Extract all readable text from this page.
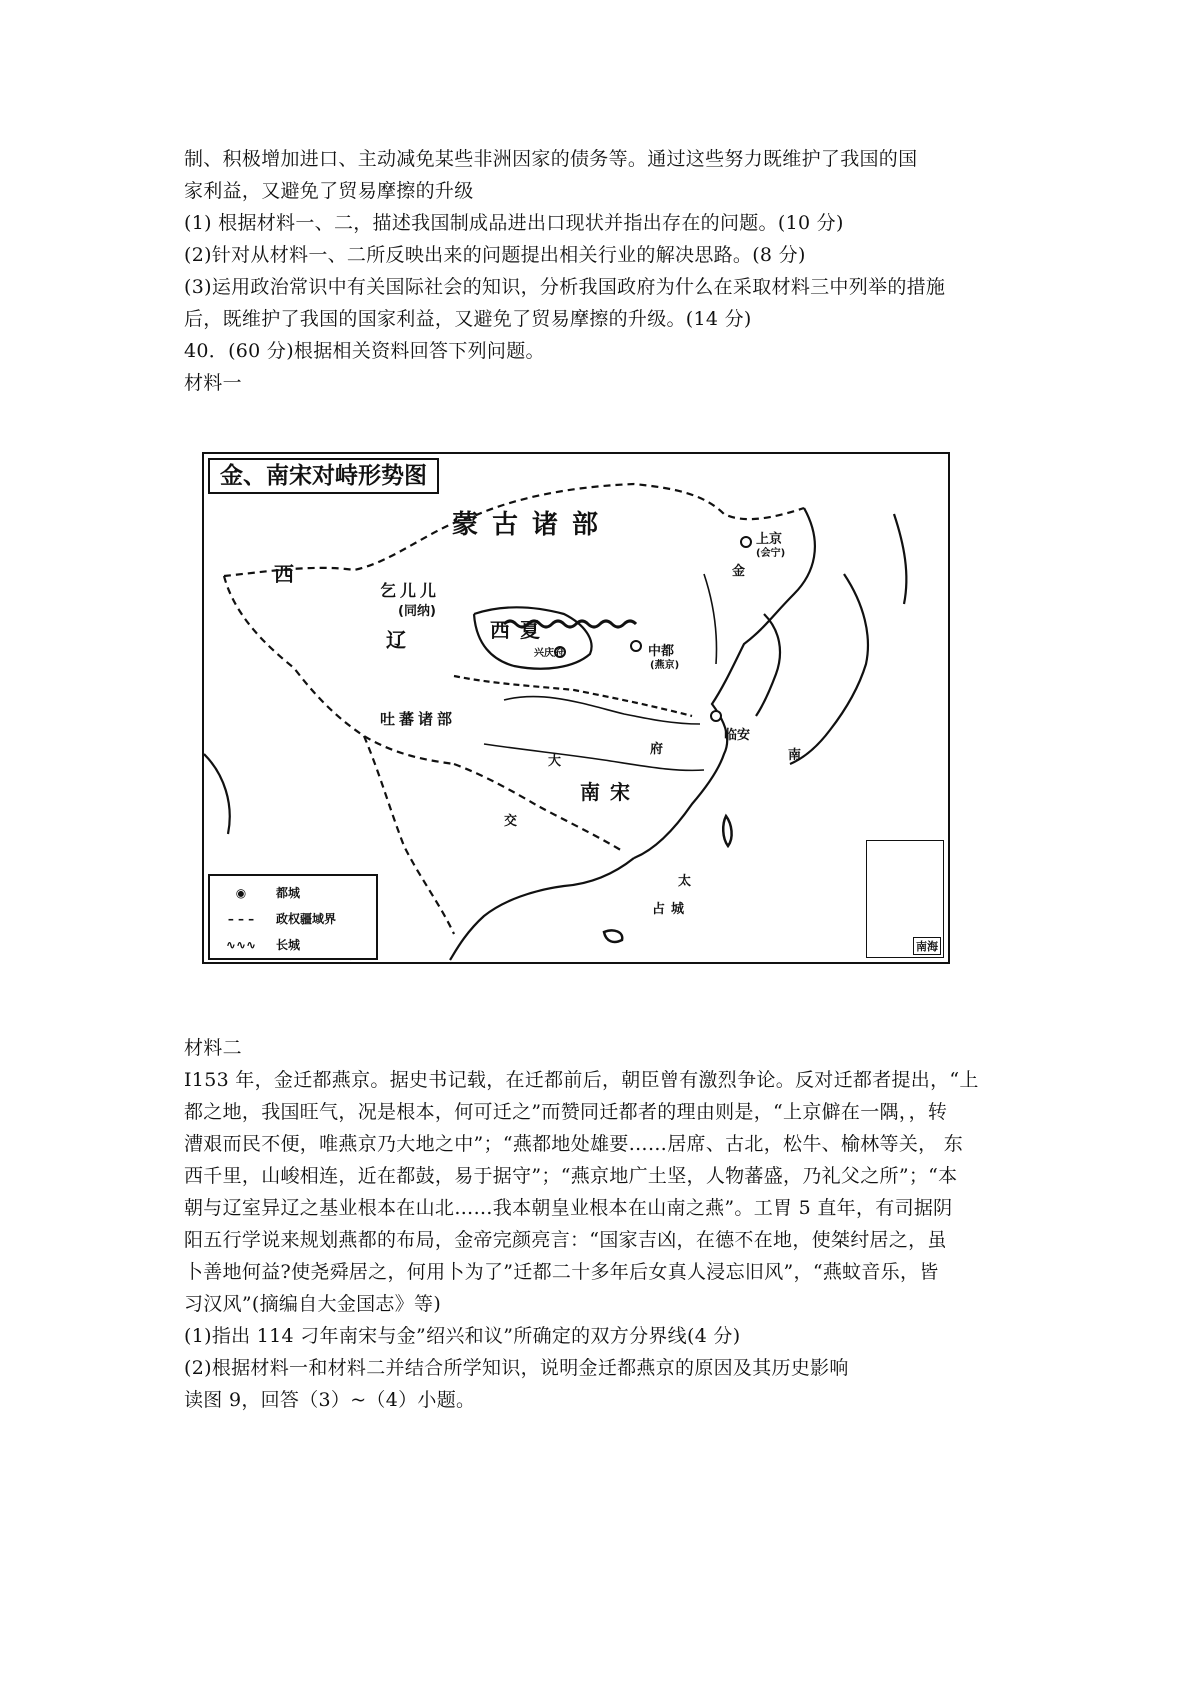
制、积极增加进口、主动减免某些非洲因家的债务等。通过这些努力既维护了我国的国
家利益，又避免了贸易摩擦的升级
(1) 根据材料一、二，描述我国制成品进出口现状并指出存在的问题。(10 分)
(2)针对从材料一、二所反映出来的问题提出相关行业的解决思路。(8 分)
(3)运用政治常识中有关国际社会的知识，分析我国政府为什么在采取材料三中列举的措施
后，既维护了我国的国家利益，又避免了贸易摩擦的升级。(14 分)
40．(60 分)根据相关资料回答下列问题。
材料一
金、南宋对峙形势图
蒙古诸部
西
乞儿儿
(同纳)
辽	西夏
吐蕃诸部
南宋
大
中都
(燕京)
上京
(会宁)
金
兴庆府
临安
府	南
交
占城
太
◉ 都城
– – – 政权疆域界
∿∿∿ 长城	南海
材料二
I153 年，金迁都燕京。据史书记载，在迁都前后，朝臣曾有激烈争论。反对迁都者提出，“上
都之地，我国旺气，况是根本，何可迁之”而赞同迁都者的理由则是，“上京僻在一隅，，转
漕艰而民不便，唯燕京乃大地之中”；“燕都地处雄要……居席、古北，松牛、榆林等关， 东
西千里，山峻相连，近在都鼓，易于据守”；“燕京地广土坚，人物蕃盛，乃礼父之所”；“本
朝与辽室异辽之基业根本在山北……我本朝皇业根本在山南之燕”。工胃 5 直年，有司据阴
阳五行学说来规划燕都的布局，金帝完颜亮言：“国家吉凶，在德不在地，使桀纣居之，虽
卜善地何益?使尧舜居之，何用卜为了”迁都二十多年后女真人浸忘旧风”，“燕蚊音乐，皆
习汉风”(摘编自大金国志》等)
(1)指出 114 刁年南宋与金”绍兴和议”所确定的双方分界线(4 分)
(2)根据材料一和材料二并结合所学知识，说明金迁都燕京的原因及其历史影响
读图 9，回答（3）~（4）小题。
